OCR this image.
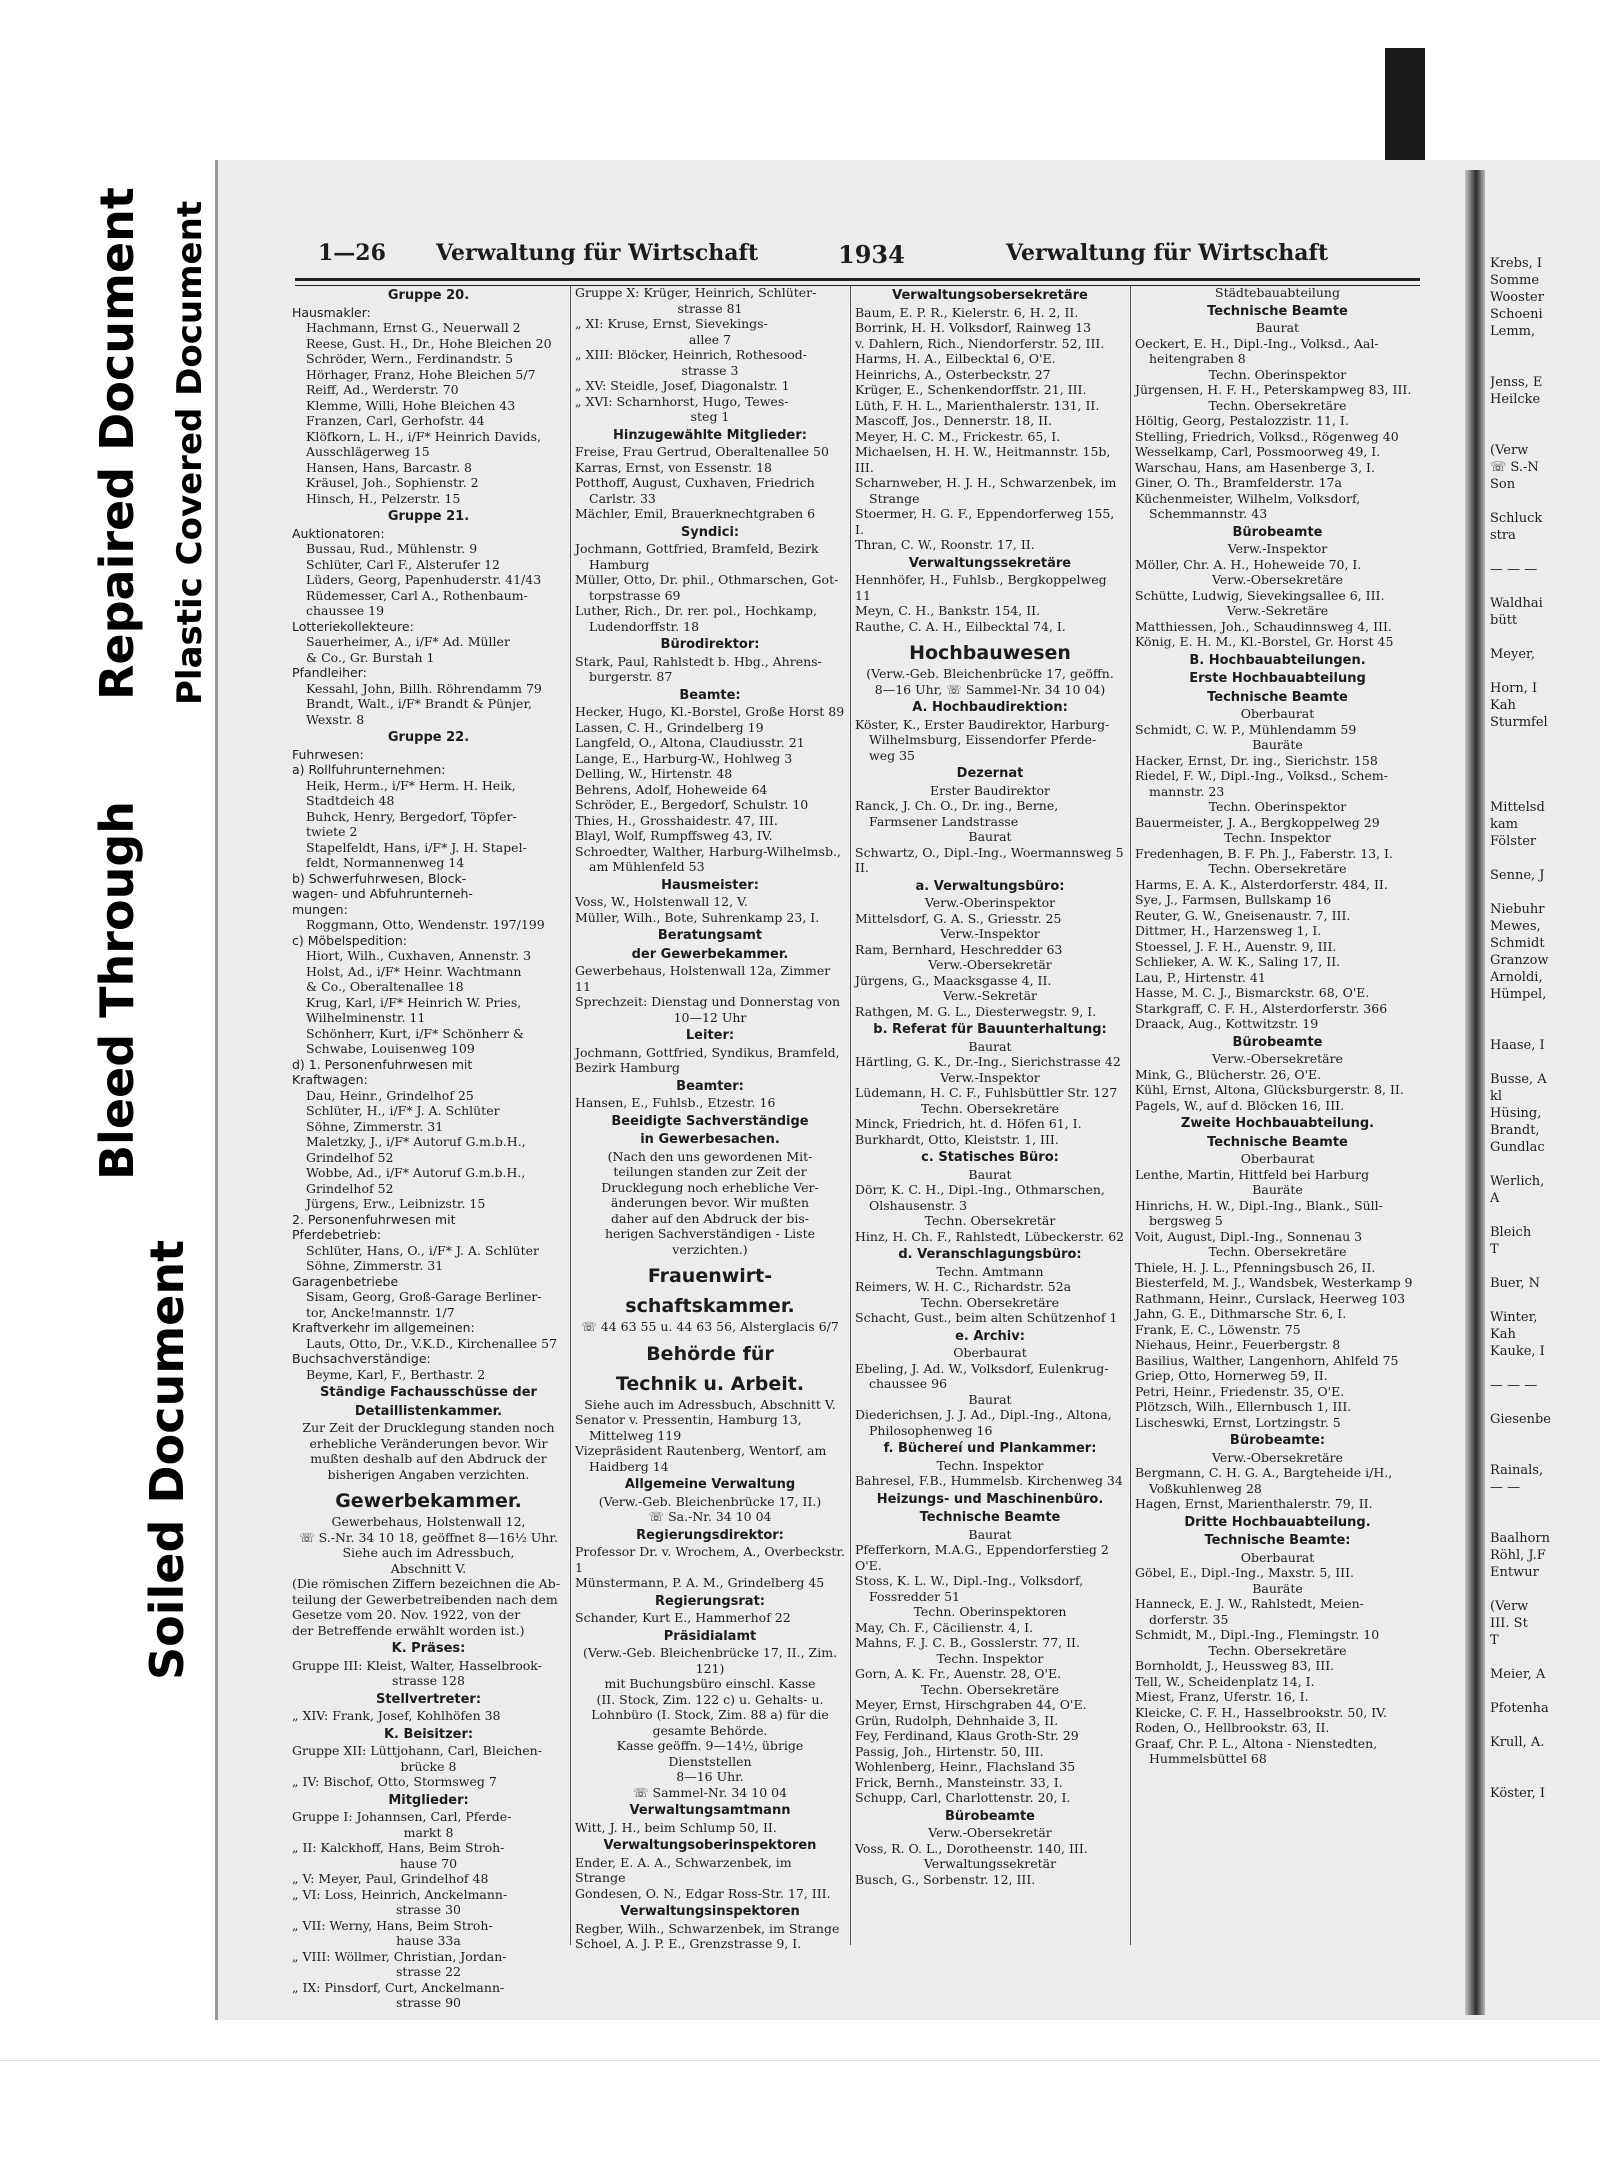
Krebs, I
Somme
Wooster
Schoeni
Lemm,
Jenss, E
Heilcke
(Verw
☏ S.-N
Son
Schluck
stra
— — —
Waldhai
bütt
Meyer,
Horn, I
Kah
Sturmfel
Mittelsd
kam
Fölster
Senne, J
Niebuhr
Mewes,
Schmidt
Granzow
Arnoldi,
Hümpel,
Haase, I
Busse, A
kl
Hüsing,
Brandt,
Gundlac
Werlich,
A
Bleich
T
Buer, N
Winter,
Kah
Kauke, I
— — —
Giesenbe
Rainals,
— —
Baalhorn
Röhl, J.F
Entwur
(Verw
III. St
T
Meier, A
Pfotenha
Krull, A.
Köster, I
Bleed Through
Repaired Document Plastic Covered Document
Soiled Document
1—26 Verwaltung für Wirtschaft	1934	Verwaltung für Wirtschaft
Gruppe 20.
Hausmakler:
Hachmann, Ernst G., Neuerwall 2
Reese, Gust. H., Dr., Hohe Bleichen 20
Schröder, Wern., Ferdinandstr. 5
Hörhager, Franz, Hohe Bleichen 5/7
Reiff, Ad., Werderstr. 70
Klemme, Willi, Hohe Bleichen 43
Franzen, Carl, Gerhofstr. 44
Klöfkorn, L. H., i/F* Heinrich Davids,
Ausschlägerweg 15
Hansen, Hans, Barcastr. 8
Kräusel, Joh., Sophienstr. 2
Hinsch, H., Pelzerstr. 15
Gruppe 21.
Auktionatoren:
Bussau, Rud., Mühlenstr. 9
Schlüter, Carl F., Alsterufer 12
Lüders, Georg, Papenhuderstr. 41/43
Rüdemesser, Carl A., Rothenbaum-
chaussee 19
Lotteriekollekteure:
Sauerheimer, A., i/F* Ad. Müller
& Co., Gr. Burstah 1
Pfandleiher:
Kessahl, John, Billh. Röhrendamm 79
Brandt, Walt., i/F* Brandt & Pünjer,
Wexstr. 8
Gruppe 22.
Fuhrwesen:
a) Rollfuhrunternehmen:
Heik, Herm., i/F* Herm. H. Heik,
Stadtdeich 48
Buhck, Henry, Bergedorf, Töpfer-
twiete 2
Stapelfeldt, Hans, i/F* J. H. Stapel-
feldt, Normannenweg 14
b) Schwerfuhrwesen, Block-
wagen- und Abfuhrunterneh-
mungen:
Roggmann, Otto, Wendenstr. 197/199
c) Möbelspedition:
Hiort, Wilh., Cuxhaven, Annenstr. 3
Holst, Ad., i/F* Heinr. Wachtmann
& Co., Oberaltenallee 18
Krug, Karl, i/F* Heinrich W. Pries,
Wilhelminenstr. 11
Schönherr, Kurt, i/F* Schönherr &
Schwabe, Louisenweg 109
d) 1. Personenfuhrwesen mit
Kraftwagen:
Dau, Heinr., Grindelhof 25
Schlüter, H., i/F* J. A. Schlüter
Söhne, Zimmerstr. 31
Maletzky, J., i/F* Autoruf G.m.b.H.,
Grindelhof 52
Wobbe, Ad., i/F* Autoruf G.m.b.H.,
Grindelhof 52
Jürgens, Erw., Leibnizstr. 15
2. Personenfuhrwesen mit
Pferdebetrieb:
Schlüter, Hans, O., i/F* J. A. Schlüter
Söhne, Zimmerstr. 31
Garagenbetriebe
Sisam, Georg, Groß-Garage Berliner-
tor, Ancke!mannstr. 1/7
Kraftverkehr im allgemeinen:
Lauts, Otto, Dr., V.K.D., Kirchenallee 57
Buchsachverständige:
Beyme, Karl, F., Berthastr. 2
Ständige Fachausschüsse der
Detaillistenkammer.
Zur Zeit der Drucklegung standen noch
erhebliche Veränderungen bevor. Wir
mußten deshalb auf den Abdruck der
bisherigen Angaben verzichten.
Gewerbekammer.
Gewerbehaus, Holstenwall 12,
☏ S.-Nr. 34 10 18, geöffnet 8—16½ Uhr.
Siehe auch im Adressbuch,
Abschnitt V.
(Die römischen Ziffern bezeichnen die Ab-
teilung der Gewerbetreibenden nach dem
Gesetze vom 20. Nov. 1922, von der
der Betreffende erwählt worden ist.)
K. Präses:
Gruppe III: Kleist, Walter, Hasselbrook-
strasse 128
Stellvertreter:
„ XIV: Frank, Josef, Kohlhöfen 38
K. Beisitzer:
Gruppe XII: Lüttjohann, Carl, Bleichen-
brücke 8
„ IV: Bischof, Otto, Stormsweg 7
Mitglieder:
Gruppe I: Johannsen, Carl, Pferde-
markt 8
„ II: Kalckhoff, Hans, Beim Stroh-
hause 70
„ V: Meyer, Paul, Grindelhof 48
„ VI: Loss, Heinrich, Anckelmann-
strasse 30
„ VII: Werny, Hans, Beim Stroh-
hause 33a
„ VIII: Wöllmer, Christian, Jordan-
strasse 22
„ IX: Pinsdorf, Curt, Anckelmann-
strasse 90
Gruppe X: Krüger, Heinrich, Schlüter-
strasse 81
„ XI: Kruse, Ernst, Sievekings-
allee 7
„ XIII: Blöcker, Heinrich, Rothesood-
strasse 3
„ XV: Steidle, Josef, Diagonalstr. 1
„ XVI: Scharnhorst, Hugo, Tewes-
steg 1
Hinzugewählte Mitglieder:
Freise, Frau Gertrud, Oberaltenallee 50
Karras, Ernst, von Essenstr. 18
Potthoff, August, Cuxhaven, Friedrich
Carlstr. 33
Mächler, Emil, Brauerknechtgraben 6
Syndici:
Jochmann, Gottfried, Bramfeld, Bezirk
Hamburg
Müller, Otto, Dr. phil., Othmarschen, Got-
torpstrasse 69
Luther, Rich., Dr. rer. pol., Hochkamp,
Ludendorffstr. 18
Bürodirektor:
Stark, Paul, Rahlstedt b. Hbg., Ahrens-
burgerstr. 87
Beamte:
Hecker, Hugo, Kl.-Borstel, Große Horst 89
Lassen, C. H., Grindelberg 19
Langfeld, O., Altona, Claudiusstr. 21
Lange, E., Harburg-W., Hohlweg 3
Delling, W., Hirtenstr. 48
Behrens, Adolf, Hoheweide 64
Schröder, E., Bergedorf, Schulstr. 10
Thies, H., Grosshaidestr. 47, III.
Blayl, Wolf, Rumpffsweg 43, IV.
Schroedter, Walther, Harburg-Wilhelmsb.,
am Mühlenfeld 53
Hausmeister:
Voss, W., Holstenwall 12, V.
Müller, Wilh., Bote, Suhrenkamp 23, I.
Beratungsamt
der Gewerbekammer.
Gewerbehaus, Holstenwall 12a, Zimmer 11
Sprechzeit: Dienstag und Donnerstag von
10—12 Uhr
Leiter:
Jochmann, Gottfried, Syndikus, Bramfeld,
Bezirk Hamburg
Beamter:
Hansen, E., Fuhlsb., Etzestr. 16
Beeidigte Sachverständige
in Gewerbesachen.
(Nach den uns gewordenen Mit-
teilungen standen zur Zeit der
Drucklegung noch erhebliche Ver-
änderungen bevor. Wir mußten
daher auf den Abdruck der bis-
herigen Sachverständigen - Liste
verzichten.)
Frauenwirt-
schaftskammer.
☏ 44 63 55 u. 44 63 56, Alsterglacis 6/7
Behörde für
Technik u. Arbeit.
Siehe auch im Adressbuch, Abschnitt V.
Senator v. Pressentin, Hamburg 13,
Mittelweg 119
Vizepräsident Rautenberg, Wentorf, am
Haidberg 14
Allgemeine Verwaltung
(Verw.-Geb. Bleichenbrücke 17, II.)
☏ Sa.-Nr. 34 10 04
Regierungsdirektor:
Professor Dr. v. Wrochem, A., Overbeckstr. 1
Münstermann, P. A. M., Grindelberg 45
Regierungsrat:
Schander, Kurt E., Hammerhof 22
Präsidialamt
(Verw.-Geb. Bleichenbrücke 17, II., Zim. 121)
mit Buchungsbüro einschl. Kasse
(II. Stock, Zim. 122 c) u. Gehalts- u.
Lohnbüro (I. Stock, Zim. 88 a) für die
gesamte Behörde.
Kasse geöffn. 9—14½, übrige Dienststellen
8—16 Uhr.
☏ Sammel-Nr. 34 10 04
Verwaltungsamtmann
Witt, J. H., beim Schlump 50, II.
Verwaltungsoberinspektoren
Ender, E. A. A., Schwarzenbek, im Strange
Gondesen, O. N., Edgar Ross-Str. 17, III.
Verwaltungsinspektoren
Regber, Wilh., Schwarzenbek, im Strange
Schoel, A. J. P. E., Grenzstrasse 9, I.
Verwaltungsobersekretäre
Baum, E. P. R., Kielerstr. 6, H. 2, II.
Borrink, H. H. Volksdorf, Rainweg 13
v. Dahlern, Rich., Niendorferstr. 52, III.
Harms, H. A., Eilbecktal 6, O'E.
Heinrichs, A., Osterbeckstr. 27
Krüger, E., Schenkendorffstr. 21, III.
Lüth, F. H. L., Marienthalerstr. 131, II.
Mascoff, Jos., Dennerstr. 18, II.
Meyer, H. C. M., Frickestr. 65, I.
Michaelsen, H. H. W., Heitmannstr. 15b, III.
Scharnweber, H. J. H., Schwarzenbek, im
Strange
Stoermer, H. G. F., Eppendorferweg 155, I.
Thran, C. W., Roonstr. 17, II.
Verwaltungssekretäre
Hennhöfer, H., Fuhlsb., Bergkoppelweg 11
Meyn, C. H., Bankstr. 154, II.
Rauthe, C. A. H., Eilbecktal 74, I.
Hochbauwesen
(Verw.-Geb. Bleichenbrücke 17, geöffn.
8—16 Uhr, ☏ Sammel-Nr. 34 10 04)
A. Hochbaudirektion:
Köster, K., Erster Baudirektor, Harburg-
Wilhelmsburg, Eissendorfer Pferde-
weg 35
Dezernat
Erster Baudirektor
Ranck, J. Ch. O., Dr. ing., Berne,
Farmsener Landstrasse
Baurat
Schwartz, O., Dipl.-Ing., Woermannsweg 5 II.
a. Verwaltungsbüro:
Verw.-Oberinspektor
Mittelsdorf, G. A. S., Griesstr. 25
Verw.-Inspektor
Ram, Bernhard, Heschredder 63
Verw.-Obersekretär
Jürgens, G., Maacksgasse 4, II.
Verw.-Sekretär
Rathgen, M. G. L., Diesterwegstr. 9, I.
b. Referat für Bauunterhaltung:
Baurat
Härtling, G. K., Dr.-Ing., Sierichstrasse 42
Verw.-Inspektor
Lüdemann, H. C. F., Fuhlsbüttler Str. 127
Techn. Obersekretäre
Minck, Friedrich, ht. d. Höfen 61, I.
Burkhardt, Otto, Kleiststr. 1, III.
c. Statisches Büro:
Baurat
Dörr, K. C. H., Dipl.-Ing., Othmarschen,
Olshausenstr. 3
Techn. Obersekretär
Hinz, H. Ch. F., Rahlstedt, Lübeckerstr. 62
d. Veranschlagungsbüro:
Techn. Amtmann
Reimers, W. H. C., Richardstr. 52a
Techn. Obersekretäre
Schacht, Gust., beim alten Schützenhof 1
e. Archiv:
Oberbaurat
Ebeling, J. Ad. W., Volksdorf, Eulenkrug-
chaussee 96
Baurat
Diederichsen, J. J. Ad., Dipl.-Ing., Altona,
Philosophenweg 16
f. Büchereí und Plankammer:
Techn. Inspektor
Bahresel, F.B., Hummelsb. Kirchenweg 34
Heizungs- und Maschinenbüro.
Technische Beamte
Baurat
Pfefferkorn, M.A.G., Eppendorferstieg 2 O'E.
Stoss, K. L. W., Dipl.-Ing., Volksdorf,
Fossredder 51
Techn. Oberinspektoren
May, Ch. F., Cäcilienstr. 4, I.
Mahns, F. J. C. B., Gosslerstr. 77, II.
Techn. Inspektor
Gorn, A. K. Fr., Auenstr. 28, O'E.
Techn. Obersekretäre
Meyer, Ernst, Hirschgraben 44, O'E.
Grün, Rudolph, Dehnhaide 3, II.
Fey, Ferdinand, Klaus Groth-Str. 29
Passig, Joh., Hirtenstr. 50, III.
Wohlenberg, Heinr., Flachsland 35
Frick, Bernh., Mansteinstr. 33, I.
Schupp, Carl, Charlottenstr. 20, I.
Bürobeamte
Verw.-Obersekretär
Voss, R. O. L., Dorotheenstr. 140, III.
Verwaltungssekretär
Busch, G., Sorbenstr. 12, III.
Städtebauabteilung
Technische Beamte
Baurat
Oeckert, E. H., Dipl.-Ing., Volksd., Aal-
heitengraben 8
Techn. Oberinspektor
Jürgensen, H. F. H., Peterskampweg 83, III.
Techn. Obersekretäre
Höltig, Georg, Pestalozzistr. 11, I.
Stelling, Friedrich, Volksd., Rögenweg 40
Wesselkamp, Carl, Possmoorweg 49, I.
Warschau, Hans, am Hasenberge 3, I.
Giner, O. Th., Bramfelderstr. 17a
Küchenmeister, Wilhelm, Volksdorf,
Schemmannstr. 43
Bürobeamte
Verw.-Inspektor
Möller, Chr. A. H., Hoheweide 70, I.
Verw.-Obersekretäre
Schütte, Ludwig, Sievekingsallee 6, III.
Verw.-Sekretäre
Matthiessen, Joh., Schaudinnsweg 4, III.
König, E. H. M., Kl.-Borstel, Gr. Horst 45
B. Hochbauabteilungen.
Erste Hochbauabteilung
Technische Beamte
Oberbaurat
Schmidt, C. W. P., Mühlendamm 59
Bauräte
Hacker, Ernst, Dr. ing., Sierichstr. 158
Riedel, F. W., Dipl.-Ing., Volksd., Schem-
mannstr. 23
Techn. Oberinspektor
Bauermeister, J. A., Bergkoppelweg 29
Techn. Inspektor
Fredenhagen, B. F. Ph. J., Faberstr. 13, I.
Techn. Obersekretäre
Harms, E. A. K., Alsterdorferstr. 484, II.
Sye, J., Farmsen, Bullskamp 16
Reuter, G. W., Gneisenaustr. 7, III.
Dittmer, H., Harzensweg 1, I.
Stoessel, J. F. H., Auenstr. 9, III.
Schlieker, A. W. K., Saling 17, II.
Lau, P., Hirtenstr. 41
Hasse, M. C. J., Bismarckstr. 68, O'E.
Starkgraff, C. F. H., Alsterdorferstr. 366
Draack, Aug., Kottwitzstr. 19
Bürobeamte
Verw.-Obersekretäre
Mink, G., Blücherstr. 26, O'E.
Kühl, Ernst, Altona, Glücksburgerstr. 8, II.
Pagels, W., auf d. Blöcken 16, III.
Zweite Hochbauabteilung.
Technische Beamte
Oberbaurat
Lenthe, Martin, Hittfeld bei Harburg
Bauräte
Hinrichs, H. W., Dipl.-Ing., Blank., Süll-
bergsweg 5
Voit, August, Dipl.-Ing., Sonnenau 3
Techn. Obersekretäre
Thiele, H. J. L., Pfenningsbusch 26, II.
Biesterfeld, M. J., Wandsbek, Westerkamp 9
Rathmann, Heinr., Curslack, Heerweg 103
Jahn, G. E., Dithmarsche Str. 6, I.
Frank, E. C., Löwenstr. 75
Niehaus, Heinr., Feuerbergstr. 8
Basilius, Walther, Langenhorn, Ahlfeld 75
Griep, Otto, Hornerweg 59, II.
Petri, Heinr., Friedenstr. 35, O'E.
Plötzsch, Wilh., Ellernbusch 1, III.
Lischeswki, Ernst, Lortzingstr. 5
Bürobeamte:
Verw.-Obersekretäre
Bergmann, C. H. G. A., Bargteheide i/H.,
Voßkuhlenweg 28
Hagen, Ernst, Marienthalerstr. 79, II.
Dritte Hochbauabteilung.
Technische Beamte:
Oberbaurat
Göbel, E., Dipl.-Ing., Maxstr. 5, III.
Bauräte
Hanneck, E. J. W., Rahlstedt, Meien-
dorferstr. 35
Schmidt, M., Dipl.-Ing., Flemingstr. 10
Techn. Obersekretäre
Bornholdt, J., Heussweg 83, III.
Tell, W., Scheidenplatz 14, I.
Miest, Franz, Uferstr. 16, I.
Kleicke, C. F. H., Hasselbrookstr. 50, IV.
Roden, O., Hellbrookstr. 63, II.
Graaf, Chr. P. L., Altona - Nienstedten,
Hummelsbüttel 68
